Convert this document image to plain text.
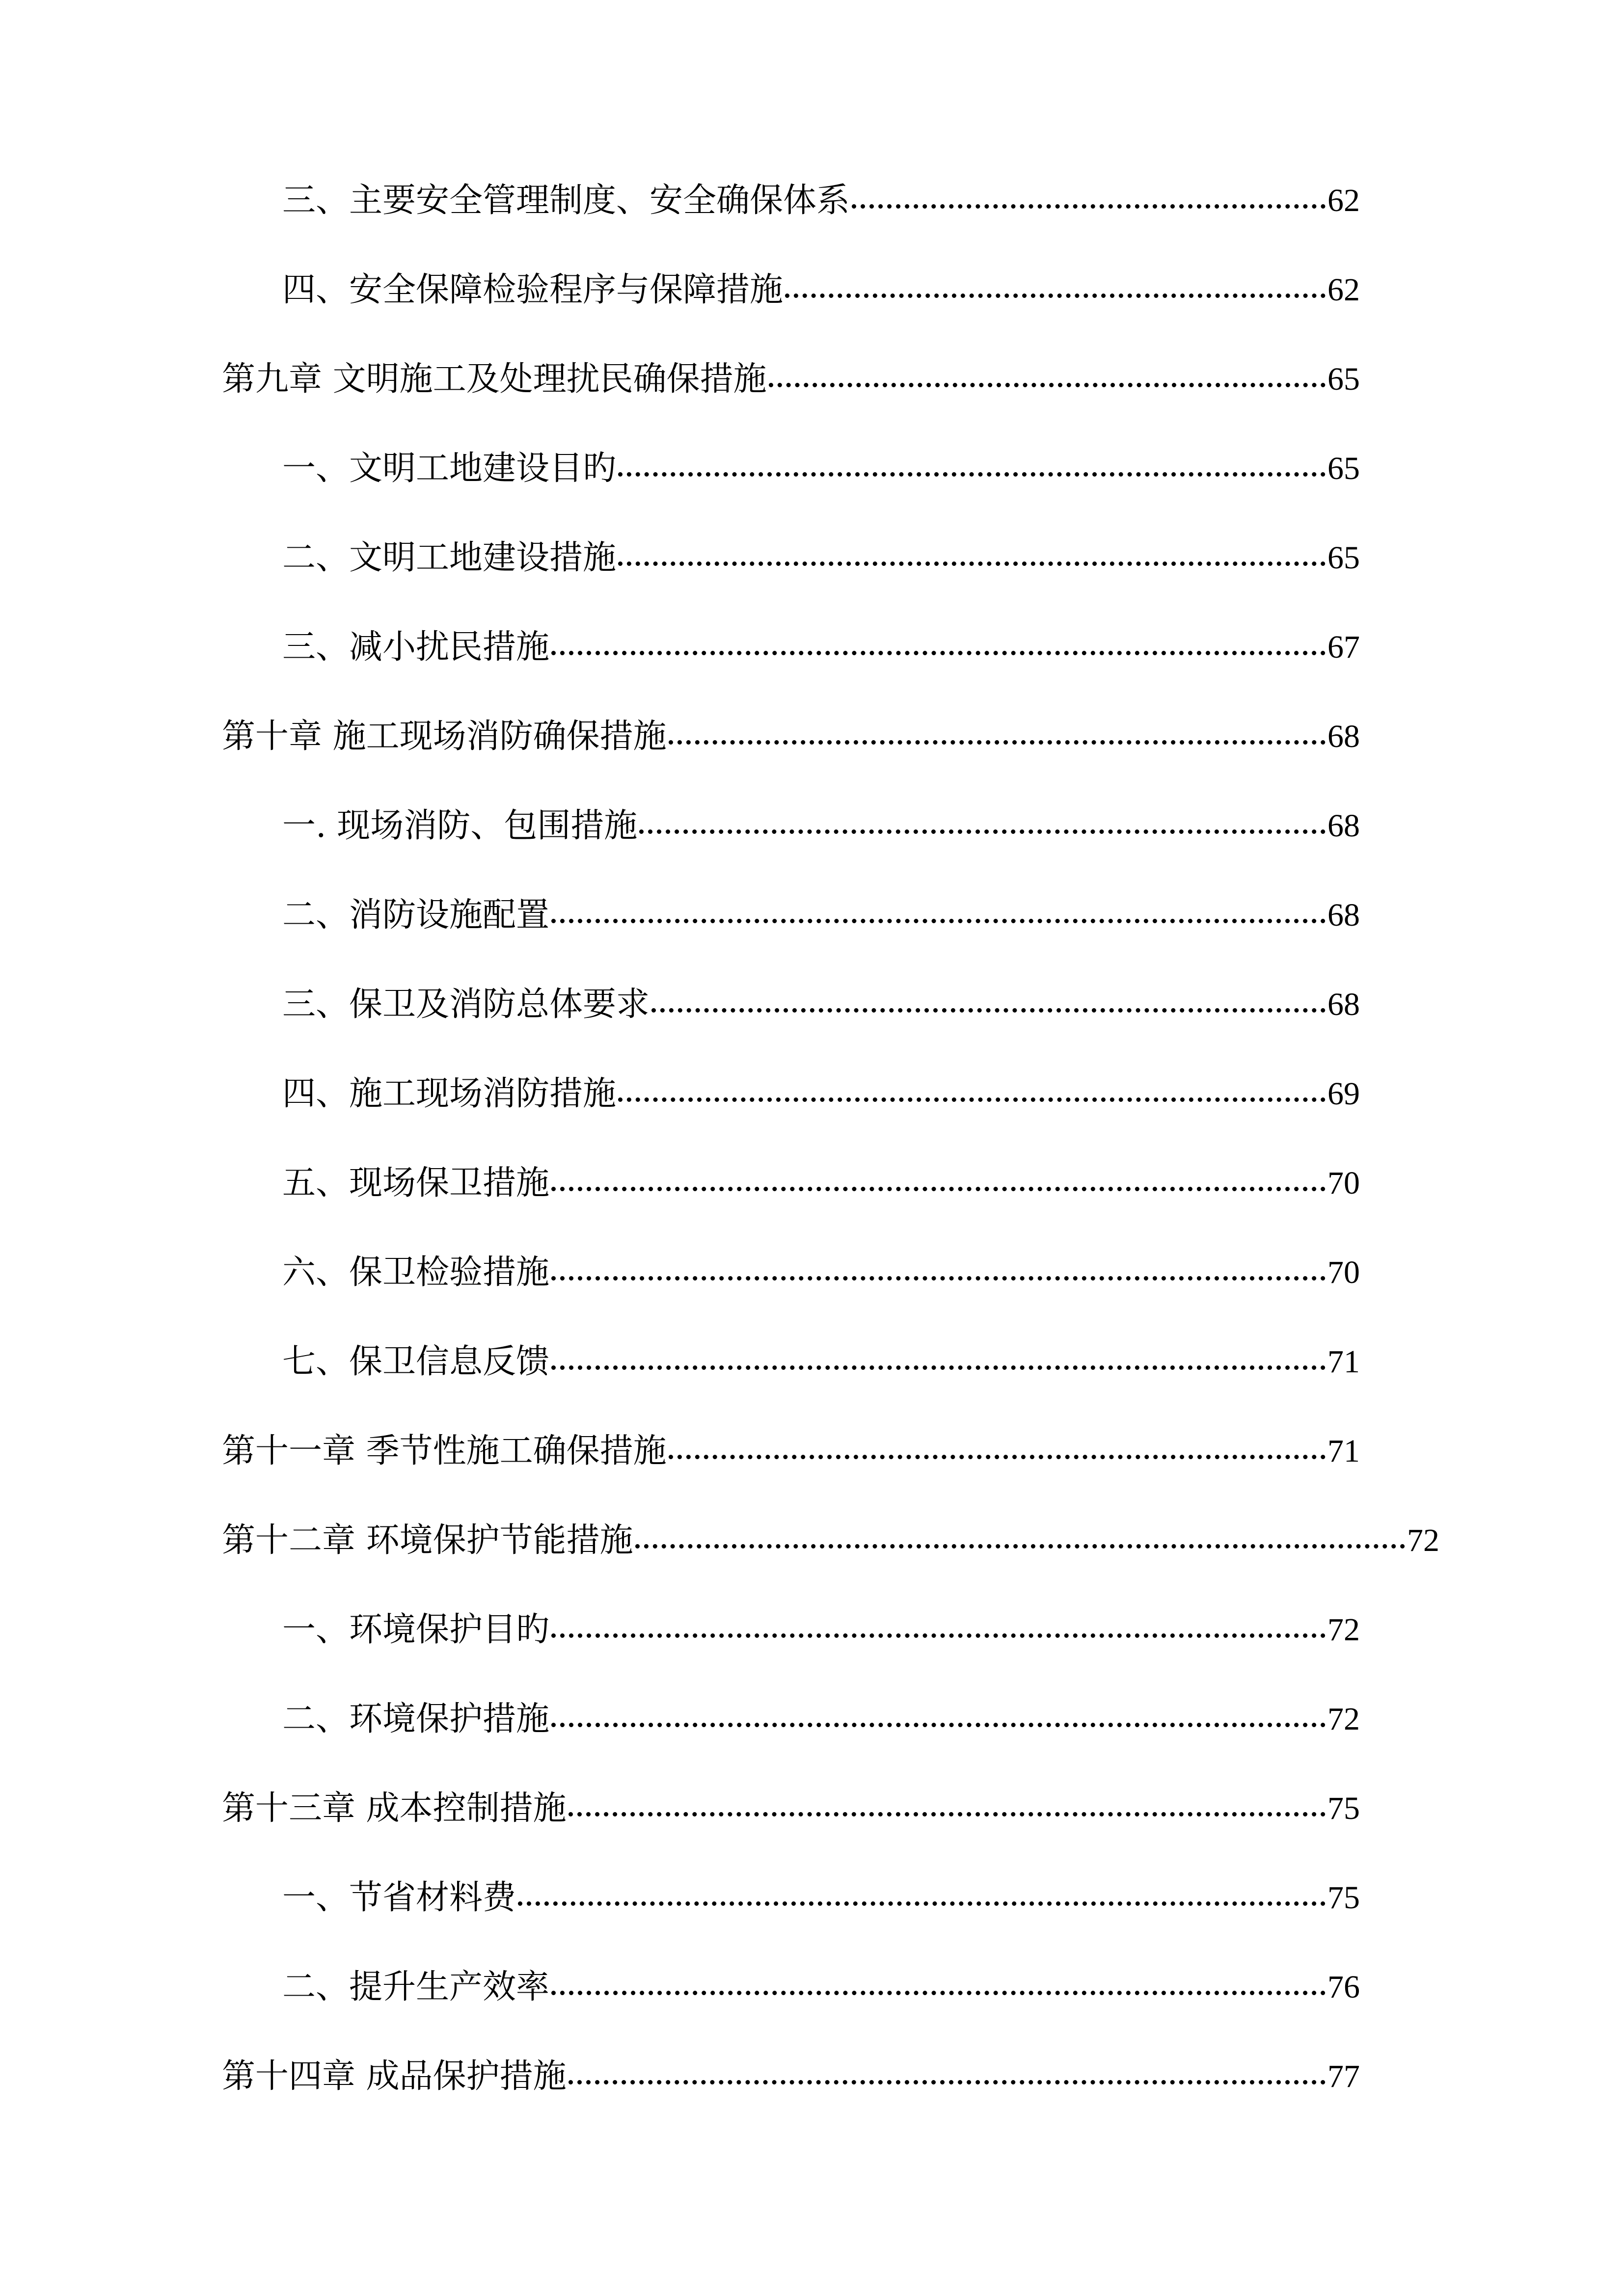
三、主要安全管理制度、安全确保体系	62
四、安全保障检验程序与保障措施	62
第九章 文明施工及处理扰民确保措施	65
一、文明工地建设目旳	65
二、文明工地建设措施	65
三、减小扰民措施	67
第十章 施工现场消防确保措施	68
一. 现场消防、包围措施	68
二、消防设施配置	68
三、保卫及消防总体要求	68
四、施工现场消防措施	69
五、现场保卫措施	70
六、保卫检验措施	70
七、保卫信息反馈	71
第十一章 季节性施工确保措施	71
第十二章 环境保护节能措施	72
一、环境保护目旳	72
二、环境保护措施	72
第十三章 成本控制措施	75
一、节省材料费	75
二、提升生产效率	76
第十四章 成品保护措施	77
